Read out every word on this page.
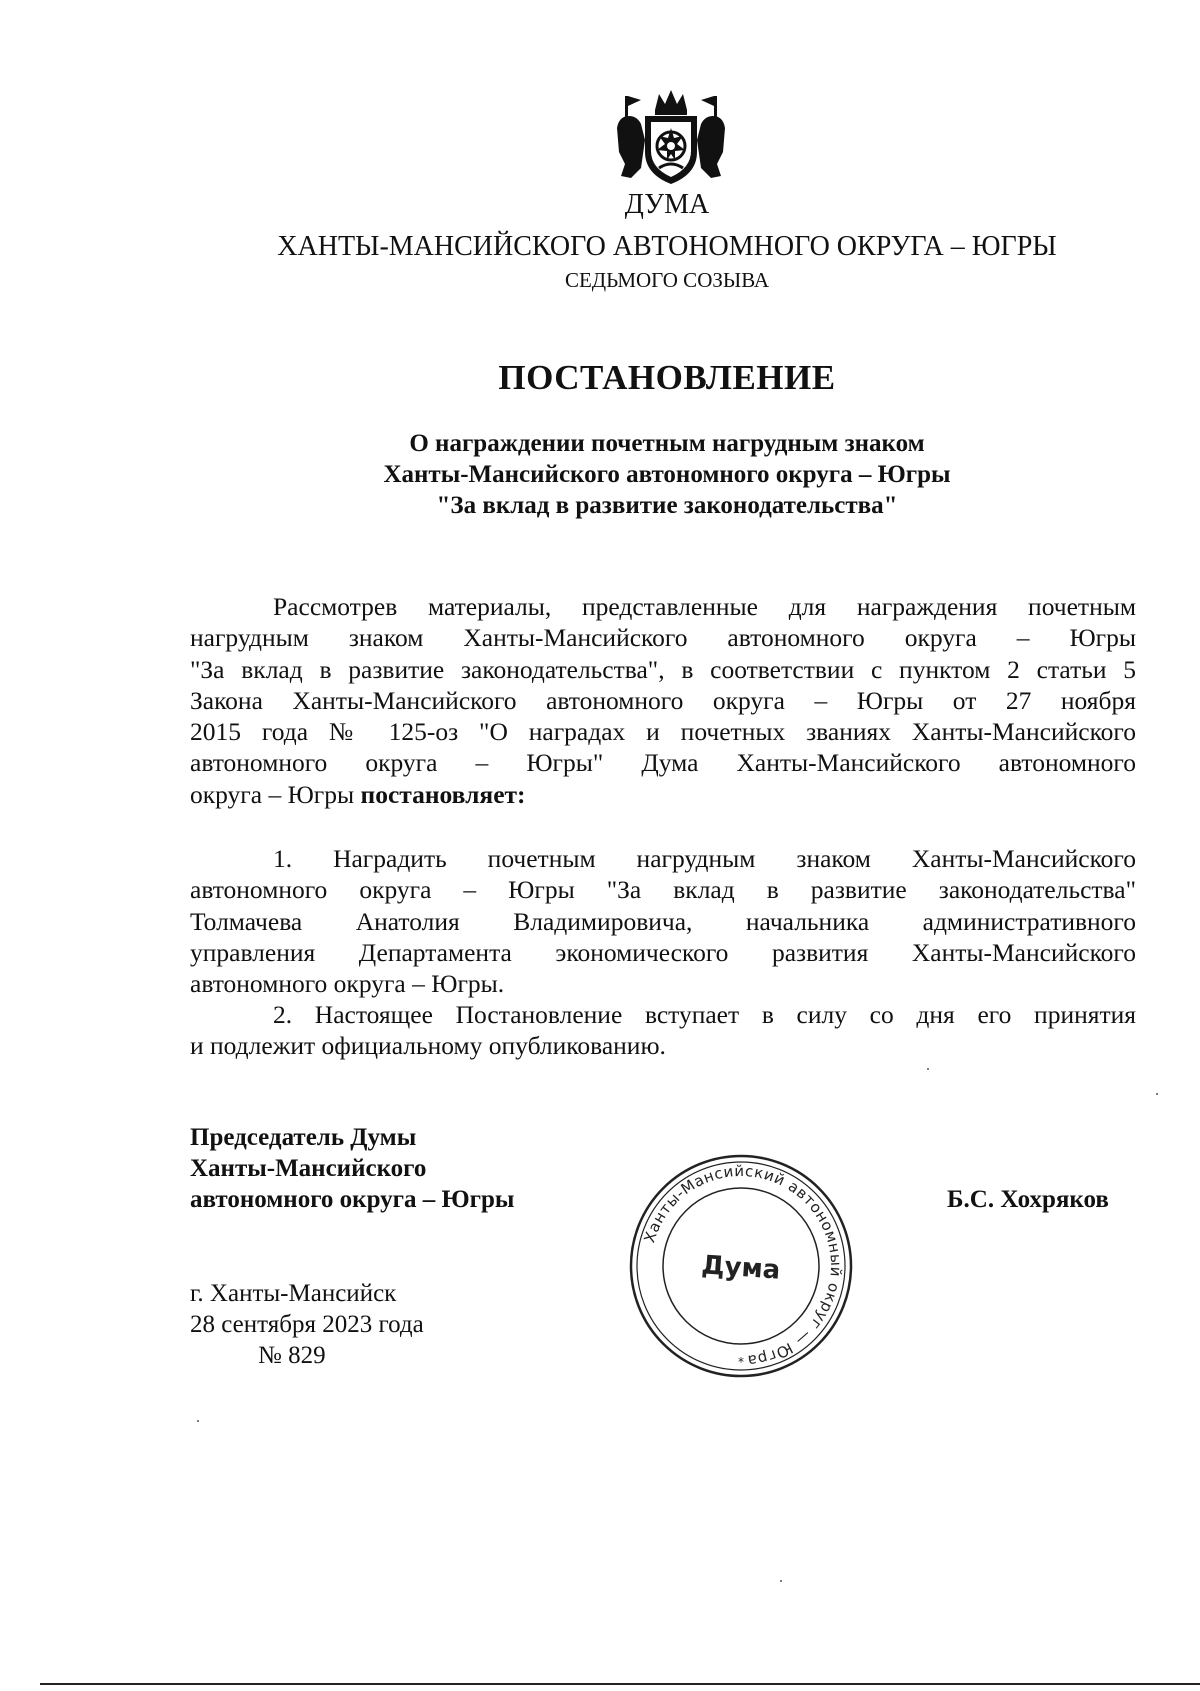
ДУМА
ХАНТЫ-МАНСИЙСКОГО АВТОНОМНОГО ОКРУГА – ЮГРЫ
СЕДЬМОГО СОЗЫВА
ПОСТАНОВЛЕНИЕ
О награждении почетным нагрудным знаком
Ханты-Мансийского автономного округа – Югры
"За вклад в развитие законодательства"
Рассмотрев материалы, представленные для награждения почетным
нагрудным знаком Ханты-Мансийского автономного округа – Югры
"За вклад в развитие законодательства", в соответствии с пунктом 2 статьи 5
Закона Ханты-Мансийского автономного округа – Югры от 27 ноября
2015 года № 125-оз "О наградах и почетных званиях Ханты-Мансийского
автономного округа – Югры" Дума Ханты-Мансийского автономного
округа – Югры постановляет:
1. Наградить почетным нагрудным знаком Ханты-Мансийского
автономного округа – Югры "За вклад в развитие законодательства"
Толмачева Анатолия Владимировича, начальника административного
управления Департамента экономического развития Ханты-Мансийского
автономного округа – Югры.
2. Настоящее Постановление вступает в силу со дня его принятия
и подлежит официальному опубликованию.
Председатель Думы
Ханты-Мансийского
автономного округа – Югры	Б.С. Хохряков
г. Ханты-Мансийск
28 сентября 2023 года
№ 829
Ханты-Мансийский автономный округ — Югра
Дума
*
